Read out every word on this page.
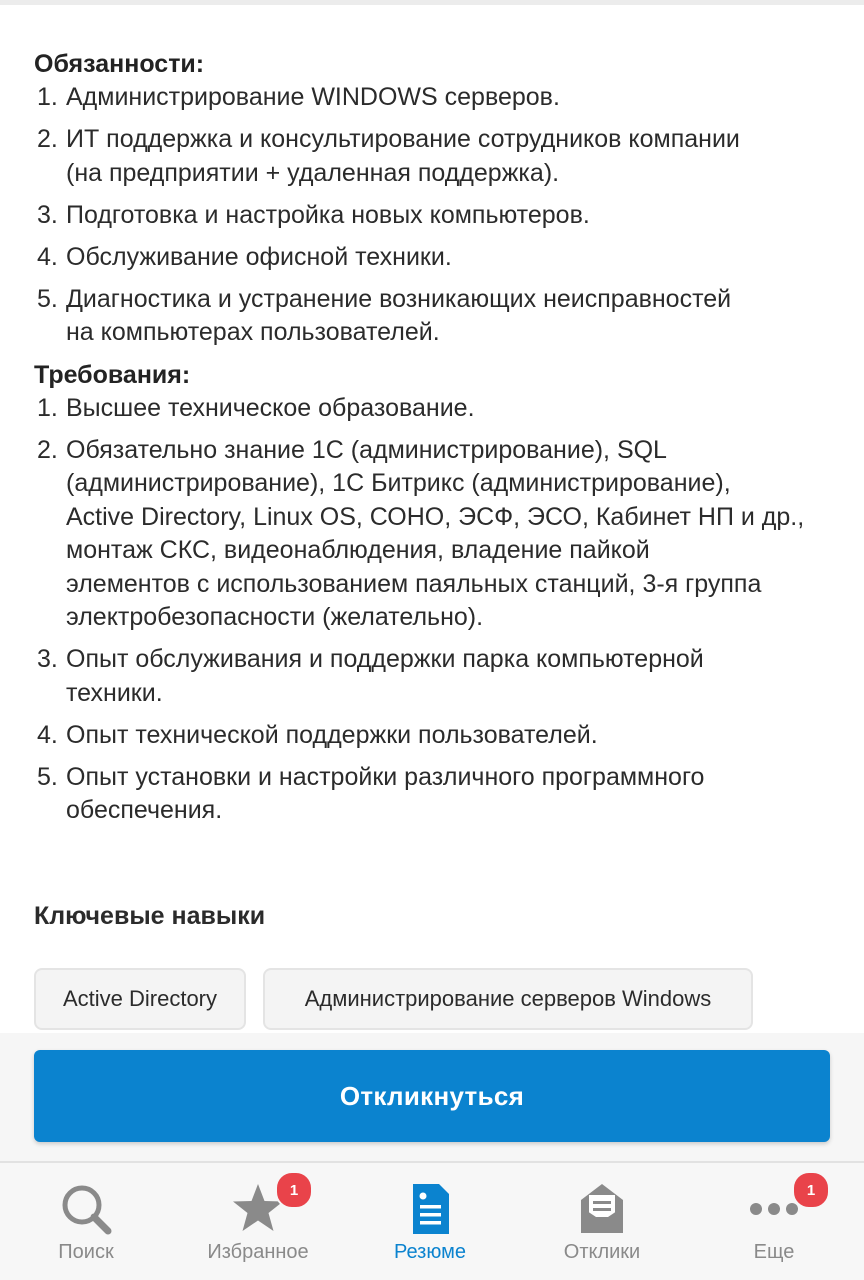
Обязанности:

1. Администрирование WINDOWS серверов.
2. ИТ поддержка и консультирование сотрудников компании
(на предприятии + удаленная поддержка).
3. Подготовка и настройка новых компьютеров.
4. Обслуживание офисной техники.
5. Диагностика и устранение возникающих неисправностей
на компьютерах пользователей.

Требования:

1. Высшее техническое образование.
2. Обязательно знание 1С (администрирование), SQL
(администрирование), 1С Битрикс (администрирование),
Active Directory, Linux OS, СОНО, ЭСФ, ЭСО, Кабинет НП и др.,
монтаж СКС, видеонаблюдения, владение пайкой
элементов с использованием паяльных станций, 3-я группа
электробезопасности (желательно).
3. Опыт обслуживания и поддержки парка компьютерной
техники.
4. Опыт технической поддержки пользователей.
5. Опыт установки и настройки различного программного
обеспечения.
Ключевые навыки
Active Directory	Администрирование серверов Windows
Откликнуться
Поиск
1
Избранное	Резюме	Отклики
1
Еще
